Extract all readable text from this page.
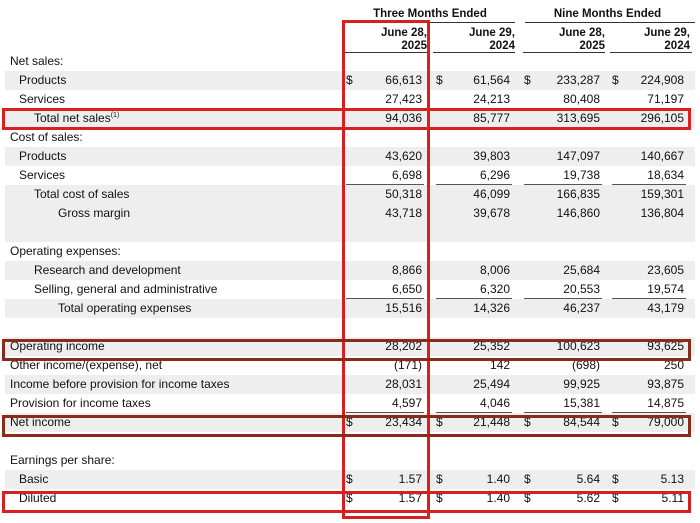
Three Months Ended	Nine Months Ended
June 28,
2025
June 29,
2024
June 28,
2025
June 29,
2024
Net sales:
Products	$	66,613 $	61,564 $	233,287 $	224,908
Services	27,423	24,213	80,408	71,197
Total net sales$^{(1)}$	94,036	85,777	313,695	296,105
Cost of sales:
Products	43,620	39,803	147,097	140,667
Services	6,698	6,296	19,738	18,634
Total cost of sales	50,318	46,099	166,835	159,301
Gross margin	43,718	39,678	146,860	136,804
Operating expenses:
Research and development	8,866	8,006	25,684	23,605
Selling, general and administrative	6,650	6,320	20,553	19,574
Total operating expenses	15,516	14,326	46,237	43,179
Operating income	28,202	25,352	100,623	93,625
Other income/(expense), net	(171)	142	(698)	250
Income before provision for income taxes	28,031	25,494	99,925	93,875
Provision for income taxes	4,597	4,046	15,381	14,875
Net income	$	23,434 $	21,448 $	84,544 $	79,000
Earnings per share:
Basic	$	1.57 $	1.40 $	5.64 $	5.13
Diluted	$	1.57 $	1.40 $	5.62 $	5.11
